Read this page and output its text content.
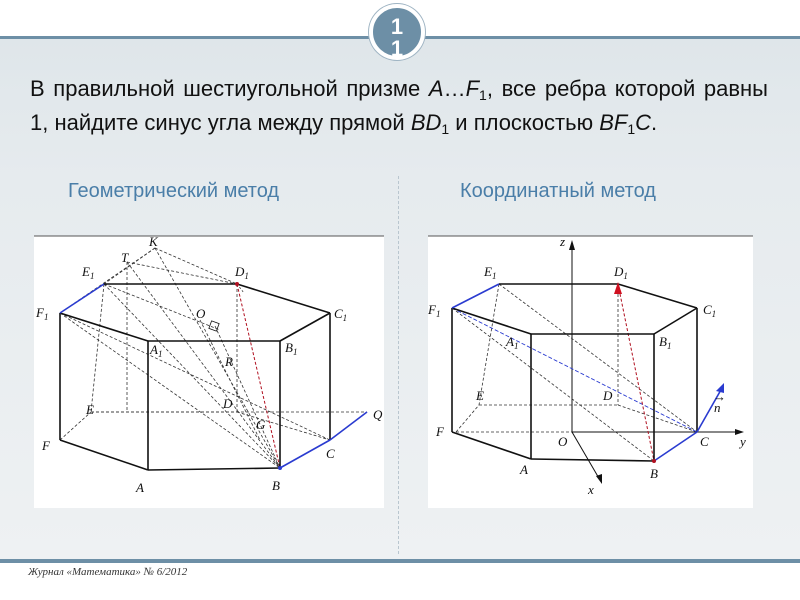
1
1
В правильной шестиугольной призме $A\dots F_1$, все ребра которой равны 1, найдите синус угла между прямой $BD_1$ и плоскостью $BF_1C$.
Геометрический метод	Координатный метод
K
T
$E_1$	$D_1$
$F_1$	$C_1$
O
$A_1$	$B_1$
R
E	D
G
Q
F
C
A	B
z
$E_1$	$D_1$
$F_1$	$C_1$
$A_1$	$B_1$
D
E
n
→
F
O	C y
A	B
x
Журнал «Математика» № 6/2012
